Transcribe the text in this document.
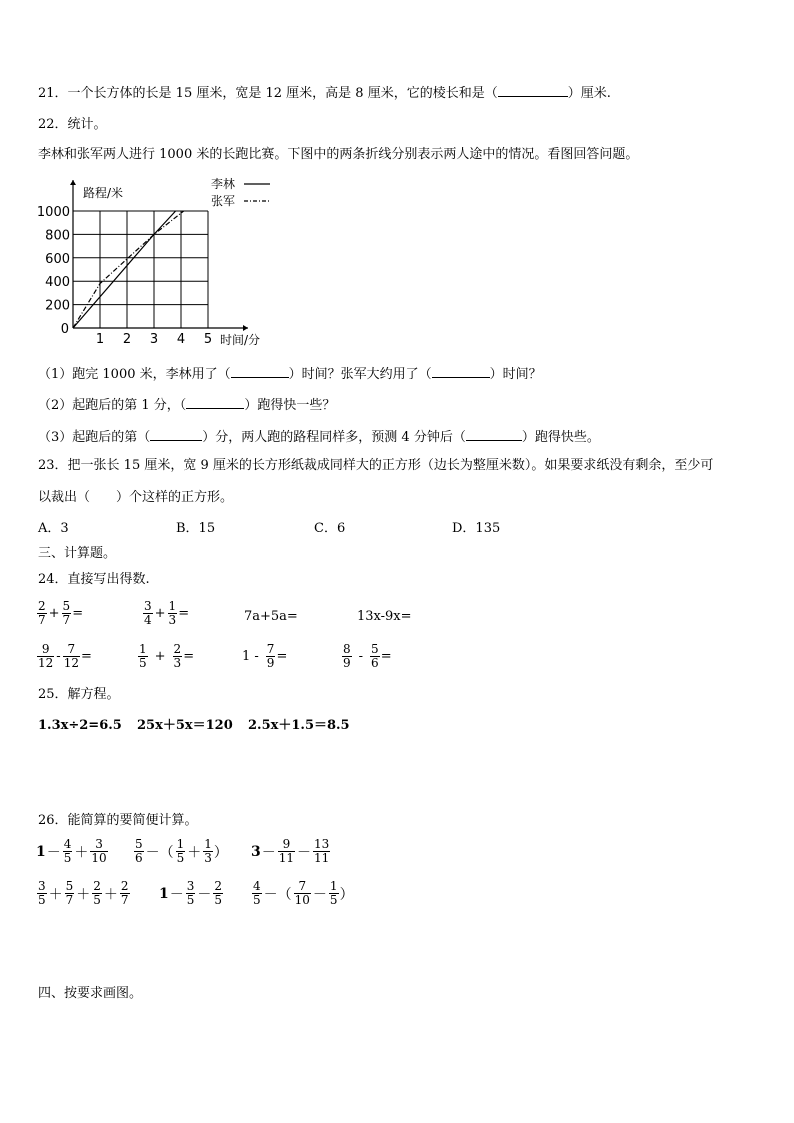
21．一个长方体的长是 15 厘米，宽是 12 厘米，高是 8 厘米，它的棱长和是（	）厘米.
22．统计。
李林和张军两人进行 1000 米的长跑比赛。下图中的两条折线分别表示两人途中的情况。看图回答问题。
1 2 3 4 5
200
400
600
800
1000
0
路程/米
时间/分
李林
张军
（1）跑完 1000 米，李林用了（	）时间？张军大约用了（	）时间？
（2）起跑后的第 1 分，（	）跑得快一些？
（3）起跑后的第（	）分，两人跑的路程同样多，预测 4 分钟后（	）跑得快些。
23．把一张长 15 厘米，宽 9 厘米的长方形纸裁成同样大的正方形（边长为整厘米数）。如果要求纸没有剩余，至少可
以裁出（　　）个这样的正方形。
A．3	B．15	C．6	D．135
三、计算题。
24．直接写出得数.
$\frac{2}{7} + \frac{5}{7}$ =	$\frac{3}{4} + \frac{1}{3}$ =	7a+5a=	13x-9x=
$\frac{9}{12} - \frac{7}{12}$ =	$\frac{1}{5} + \frac{2}{3}$ =	$1 - \frac{7}{9}$ =	$\frac{8}{9} - \frac{5}{6}$ =
25．解方程。
1.3x÷2=6.5 25x＋5x＝120 2.5x＋1.5＝8.5
26．能简算的要简便计算。
$1 - \frac{4}{5} + \frac{3}{10} \frac{5}{6}$ －（ $\frac{1}{5} + \frac{1}{3}$ ） $3 - \frac{9}{11} - \frac{13}{11}$
$\frac{3}{5} + \frac{5}{7} + \frac{2}{5} + \frac{2}{7} 1 - \frac{3}{5} - \frac{2}{5} \frac{4}{5}$ －（ $\frac{7}{10} - \frac{1}{5}$ ）
四、按要求画图。
